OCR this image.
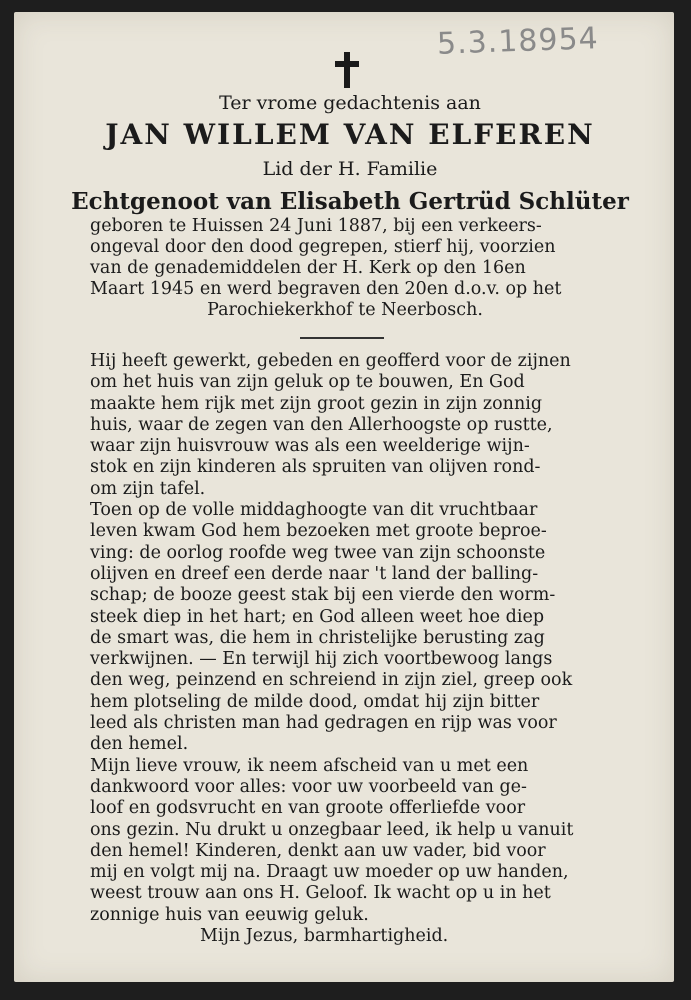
5.3.18954
Ter vrome gedachtenis aan
JAN WILLEM VAN ELFEREN
Lid der H. Familie
Echtgenoot van Elisabeth Gertrüd Schlüter
geboren te Huissen 24 Juni 1887, bij een verkeers-
ongeval door den dood gegrepen, stierf hij, voorzien
van de genademiddelen der H. Kerk op den 16en
Maart 1945 en werd begraven den 20en d.o.v. op het
Parochiekerkhof te Neerbosch.
Hij heeft gewerkt, gebeden en geofferd voor de zijnen
om het huis van zijn geluk op te bouwen, En God
maakte hem rijk met zijn groot gezin in zijn zonnig
huis, waar de zegen van den Allerhoogste op rustte,
waar zijn huisvrouw was als een weelderige wijn-
stok en zijn kinderen als spruiten van olijven rond-
om zijn tafel.
Toen op de volle middaghoogte van dit vruchtbaar
leven kwam God hem bezoeken met groote beproe-
ving: de oorlog roofde weg twee van zijn schoonste
olijven en dreef een derde naar 't land der balling-
schap; de booze geest stak bij een vierde den worm-
steek diep in het hart; en God alleen weet hoe diep
de smart was, die hem in christelijke berusting zag
verkwijnen. — En terwijl hij zich voortbewoog langs
den weg, peinzend en schreiend in zijn ziel, greep ook
hem plotseling de milde dood, omdat hij zijn bitter
leed als christen man had gedragen en rijp was voor
den hemel.
Mijn lieve vrouw, ik neem afscheid van u met een
dankwoord voor alles: voor uw voorbeeld van ge-
loof en godsvrucht en van groote offerliefde voor
ons gezin. Nu drukt u onzegbaar leed, ik help u vanuit
den hemel! Kinderen, denkt aan uw vader, bid voor
mij en volgt mij na. Draagt uw moeder op uw handen,
weest trouw aan ons H. Geloof. Ik wacht op u in het
zonnige huis van eeuwig geluk.
Mijn Jezus, barmhartigheid.
